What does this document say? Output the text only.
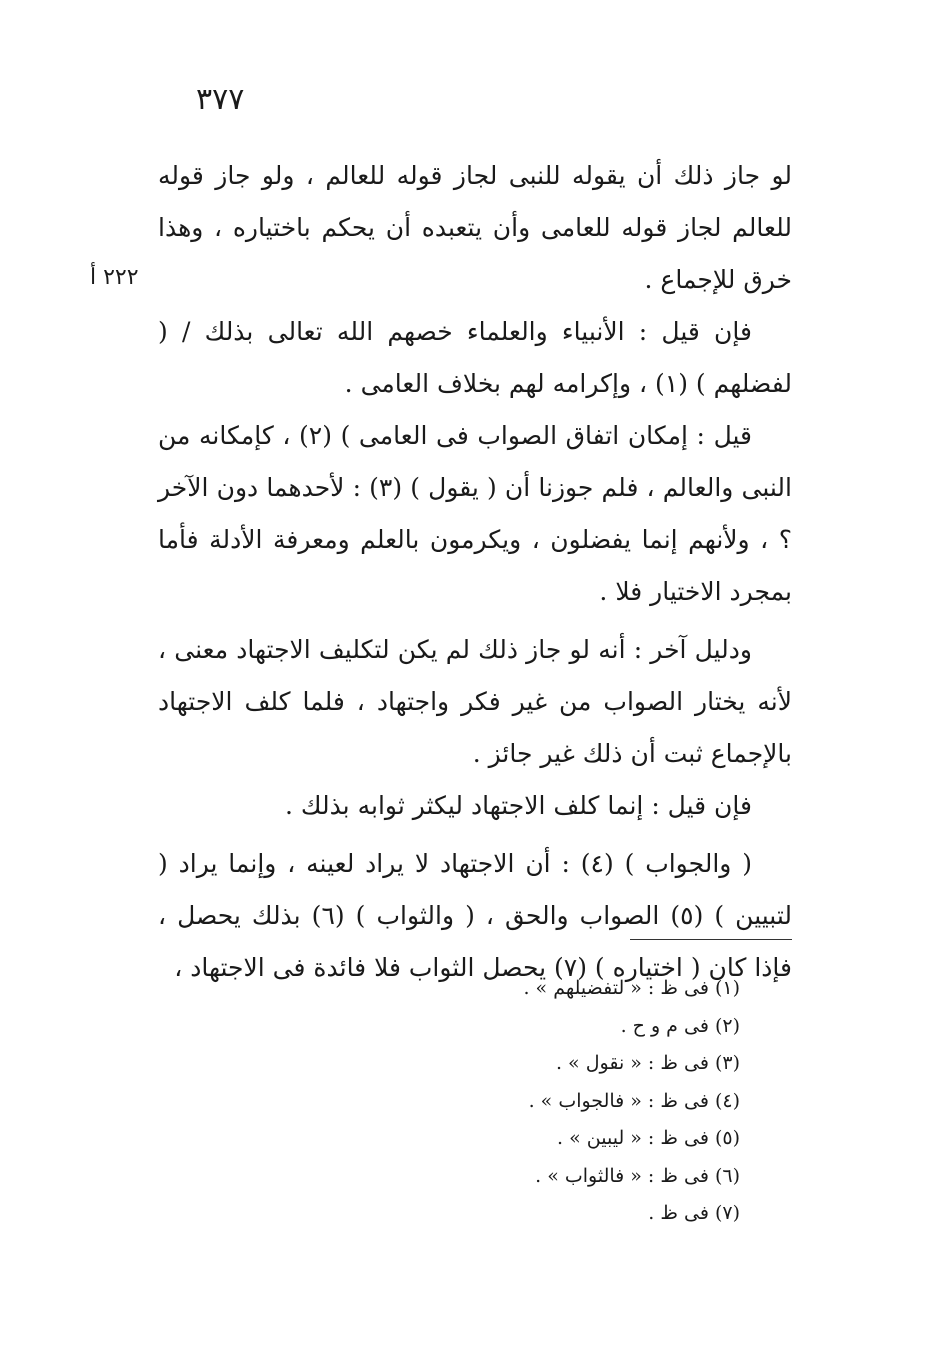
٣٧٧
٢٢٢ أ

لو جاز ذلك أن يقوله للنبى لجاز قوله للعالم ، ولو جاز قوله للعالم لجاز قوله للعامى وأن يتعبده أن يحكم باختياره ، وهذا خرق للإجماع .

فإن قيل : الأنبياء والعلماء خصهم الله تعالى بذلك / ( لفضلهم ) (١) ، وإكرامه لهم بخلاف العامى .

قيل : إمكان اتفاق الصواب فى العامى ) (٢) ، كإمكانه من النبى والعالم ، فلم جوزنا أن ( يقول ) (٣) : لأحدهما دون الآخر ؟ ، ولأنهم إنما يفضلون ، ويكرمون بالعلم ومعرفة الأدلة فأما بمجرد الاختيار فلا .

ودليل آخر : أنه لو جاز ذلك لم يكن لتكليف الاجتهاد معنى ، لأنه يختار الصواب من غير فكر واجتهاد ، فلما كلف الاجتهاد بالإجماع ثبت أن ذلك غير جائز .

فإن قيل : إنما كلف الاجتهاد ليكثر ثوابه بذلك .

( والجواب ) (٤) : أن الاجتهاد لا يراد لعينه ، وإنما يراد ( لتبيين ) (٥) الصواب والحق ، ( والثواب ) (٦) بذلك يحصل ، فإذا كان ( اختياره ) (٧) يحصل الثواب فلا فائدة فى الاجتهاد ،

(١) فى ظ : « لتفضيلهم » .

(٢) فى م و ح .

(٣) فى ظ : « نقول » .

(٤) فى ظ : « فالجواب » .

(٥) فى ظ : « ليبين » .

(٦) فى ظ : « فالثواب » .

(٧) فى ظ .
